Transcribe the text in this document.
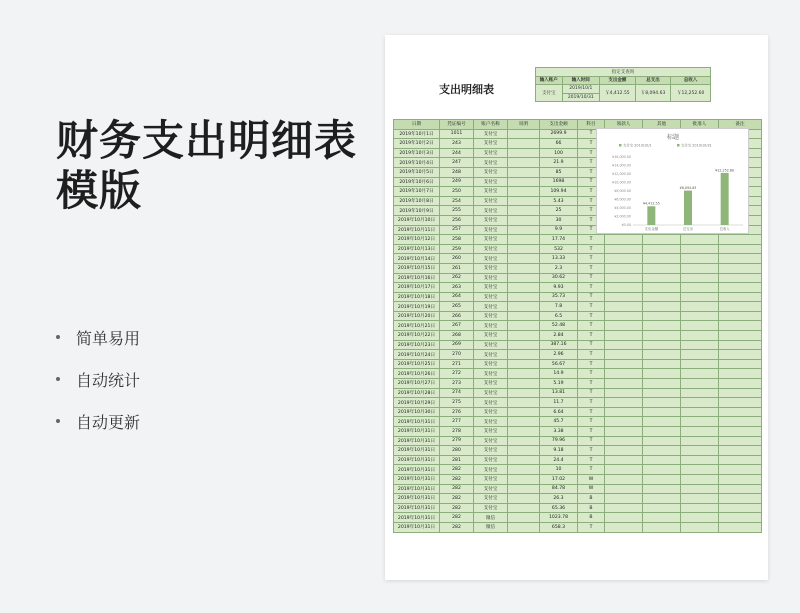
财务支出明细表
模版
简单易用
自动统计
自动更新
支出明细表
指定支查询				
输入账户	输入时间	支出金额	总支出	总收入
支付宝	2019/10/1	￥4,412.55	￥8,094.63	￥12,252.60
	2019/10/31			
日期	凭证编号	账户名称	说明	支出金额	科目	领款人	其他	批准人	备注
2019年10月1日	1011	支付宝		2699.9	T				
2019年10月2日	243	支付宝		66	T				
2019年10月3日	244	支付宝		100	T				
2019年10月4日	247	支付宝		21.9	T				
2019年10月5日	248	支付宝		85	T				
2019年10月6日	249	支付宝		1698	T				
2019年10月7日	250	支付宝		109.94	T				
2019年10月8日	254	支付宝		5.43	T				
2019年10月9日	255	支付宝		25	T				
2019年10月10日	256	支付宝		30	T				
2019年10月11日	257	支付宝		9.9	T				
2019年10月12日	258	支付宝		17.74	T				
2019年10月13日	259	支付宝		532	T				
2019年10月14日	260	支付宝		13.33	T				
2019年10月15日	261	支付宝		2.3	T				
2019年10月16日	262	支付宝		30.62	T				
2019年10月17日	263	支付宝		9.93	T				
2019年10月18日	264	支付宝		35.73	T				
2019年10月19日	265	支付宝		7.8	T				
2019年10月20日	266	支付宝		6.5	T				
2019年10月21日	267	支付宝		52.48	T				
2019年10月22日	268	支付宝		2.84	T				
2019年10月23日	269	支付宝		387.16	T				
2019年10月24日	270	支付宝		2.96	T				
2019年10月25日	271	支付宝		56.67	T				
2019年10月26日	272	支付宝		14.9	T				
2019年10月27日	273	支付宝		5.19	T				
2019年10月28日	274	支付宝		13.81	T				
2019年10月29日	275	支付宝		11.7	T				
2019年10月30日	276	支付宝		6.64	T				
2019年10月31日	277	支付宝		45.7	T				
2019年10月31日	278	支付宝		3.38	T				
2019年10月31日	279	支付宝		79.96	T				
2019年10月31日	280	支付宝		9.18	T				
2019年10月31日	281	支付宝		24.4	T				
2019年10月31日	282	支付宝		10	T				
2019年10月31日	282	支付宝		17.02	W				
2019年10月31日	282	支付宝		84.78	W				
2019年10月31日	282	支付宝		26.3	B				
2019年10月31日	282	支付宝		65.36	B				
2019年10月31日	282	微信		1023.78	B				
2019年10月31日	282	微信		658.3	T				
标题
支付宝 2019/10/1	支付宝 2019/10/31
¥16,000.00
¥14,000.00
¥12,000.00
¥10,000.00
¥8,000.00
¥6,000.00
¥4,000.00
¥2,000.00
¥0.00
¥4,412.55
支出金额
¥8,094.63
总支出
¥12,252.60
总收入
